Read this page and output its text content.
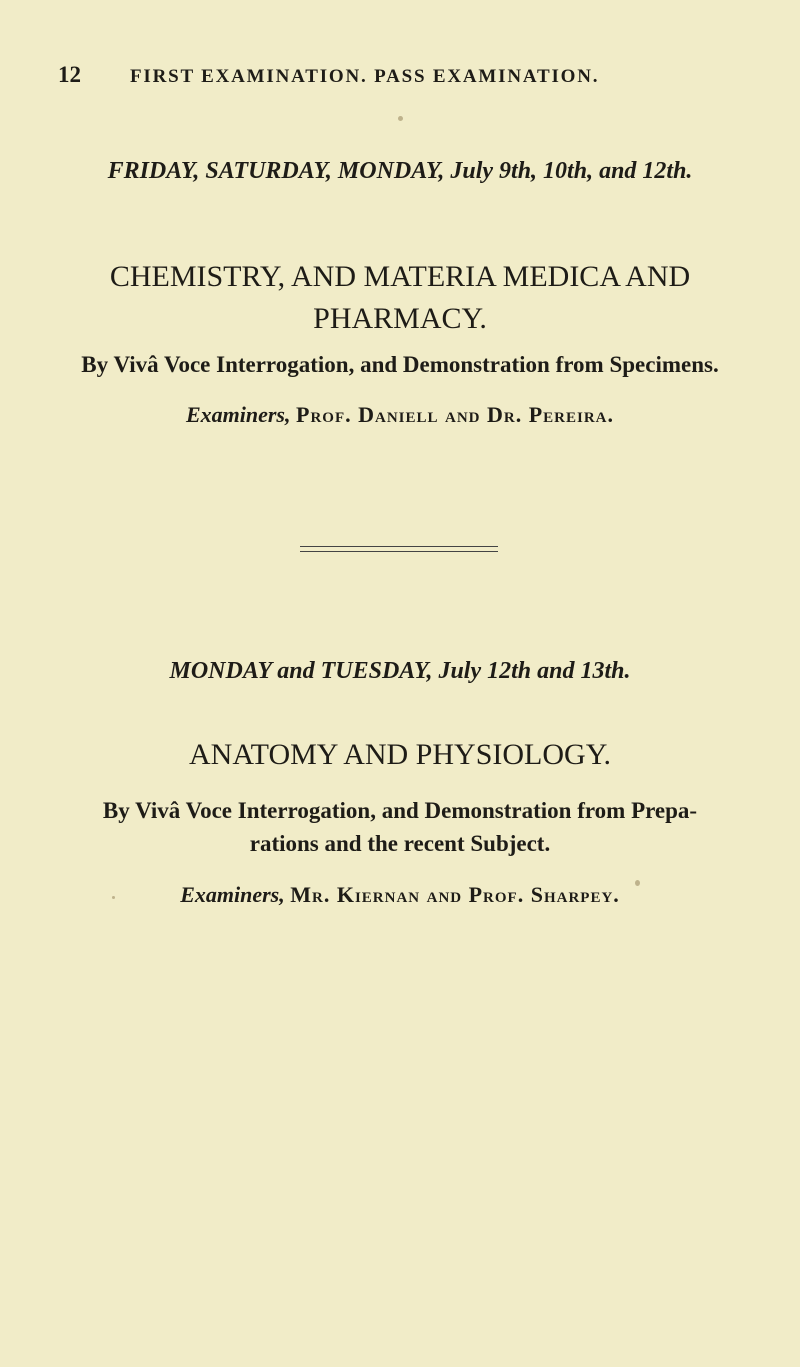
12	FIRST EXAMINATION. PASS EXAMINATION.
FRIDAY, SATURDAY, MONDAY, July 9th, 10th, and 12th.
CHEMISTRY, AND MATERIA MEDICA AND
PHARMACY.
By Vivâ Voce Interrogation, and Demonstration from Specimens.
Examiners, Prof. Daniell and Dr. Pereira.
MONDAY and TUESDAY, July 12th and 13th.
ANATOMY AND PHYSIOLOGY.
By Vivâ Voce Interrogation, and Demonstration from Prepa-
rations and the recent Subject.
Examiners, Mr. Kiernan and Prof. Sharpey.
